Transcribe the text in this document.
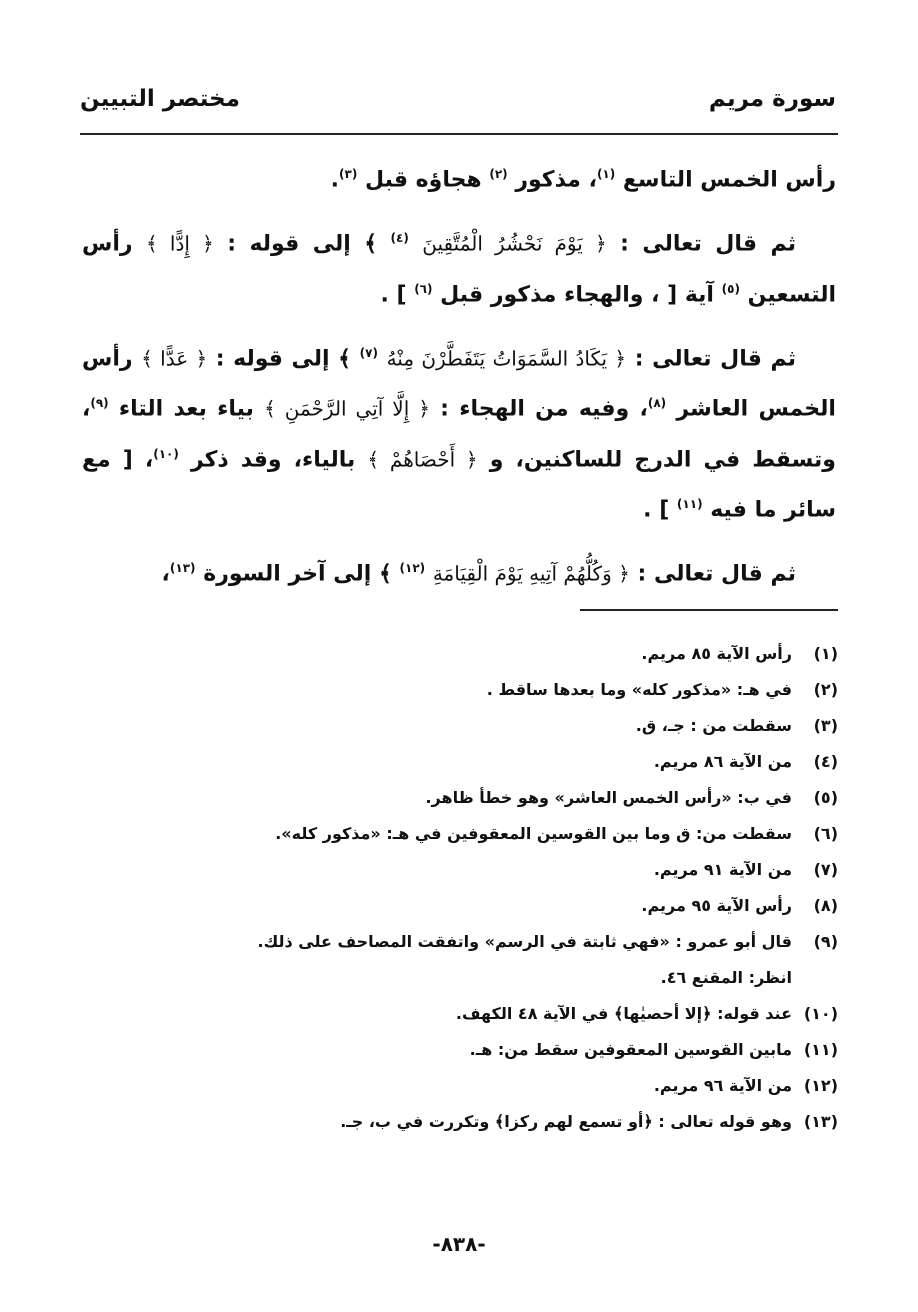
سورة مريم
مختصر التبيين

رأس الخمس التاسع $^{(١)}$، مذكور $^{(٢)}$ هجاؤه قبل $^{(٣)}$.

ثم قال تعالى : ﴿ يَوْمَ نَحْشُرُ الْمُتَّقِينَ $^{(٤)}$ ﴾ إلى قوله : ﴿ إِدًّا ﴾ رأس التسعين $^{(٥)}$ آية [ ، والهجاء مذكور قبل $^{(٦)}$ ] .

ثم قال تعالى : ﴿ يَكَادُ السَّمَوَاتُ يَتَفَطَّرْنَ مِنْهُ $^{(٧)}$ ﴾ إلى قوله : ﴿ عَدًّا ﴾ رأس الخمس العاشر $^{(٨)}$، وفيه من الهجاء : ﴿ إِلَّا آتِي الرَّحْمَنِ ﴾ بياء بعد التاء $^{(٩)}$، وتسقط في الدرج للساكنين، و ﴿ أَحْصَاهُمْ ﴾ بالياء، وقد ذكر $^{(١٠)}$، [ مع سائر ما فيه $^{(١١)}$ ] .

ثم قال تعالى : ﴿ وَكُلُّهُمْ آتِيهِ يَوْمَ الْقِيَامَةِ $^{(١٢)}$ ﴾ إلى آخر السورة $^{(١٣)}$،

(١)رأس الآية ٨٥ مريم.
(٢)في هـ: «مذكور كله» وما بعدها ساقط .
(٣)سقطت من : جـ، ق.
(٤)من الآية ٨٦ مريم.
(٥)في ب: «رأس الخمس العاشر» وهو خطأ ظاهر.
(٦)سقطت من: ق وما بين القوسين المعقوفين في هـ: «مذكور كله».
(٧)من الآية ٩١ مريم.
(٨)رأس الآية ٩٥ مريم.
(٩)قال أبو عمرو : «فهي ثابتة في الرسم» واتفقت المصاحف على ذلك.
انظر: المقنع ٤٦.
(١٠)عند قوله: ﴿إلا أحصيٰها﴾ في الآية ٤٨ الكهف.
(١١)مابين القوسين المعقوفين سقط من: هـ.
(١٢)من الآية ٩٦ مريم.
(١٣)وهو قوله تعالى : ﴿أو تسمع لهم ركزا﴾ وتكررت في ب، جـ.
-٨٣٨-
